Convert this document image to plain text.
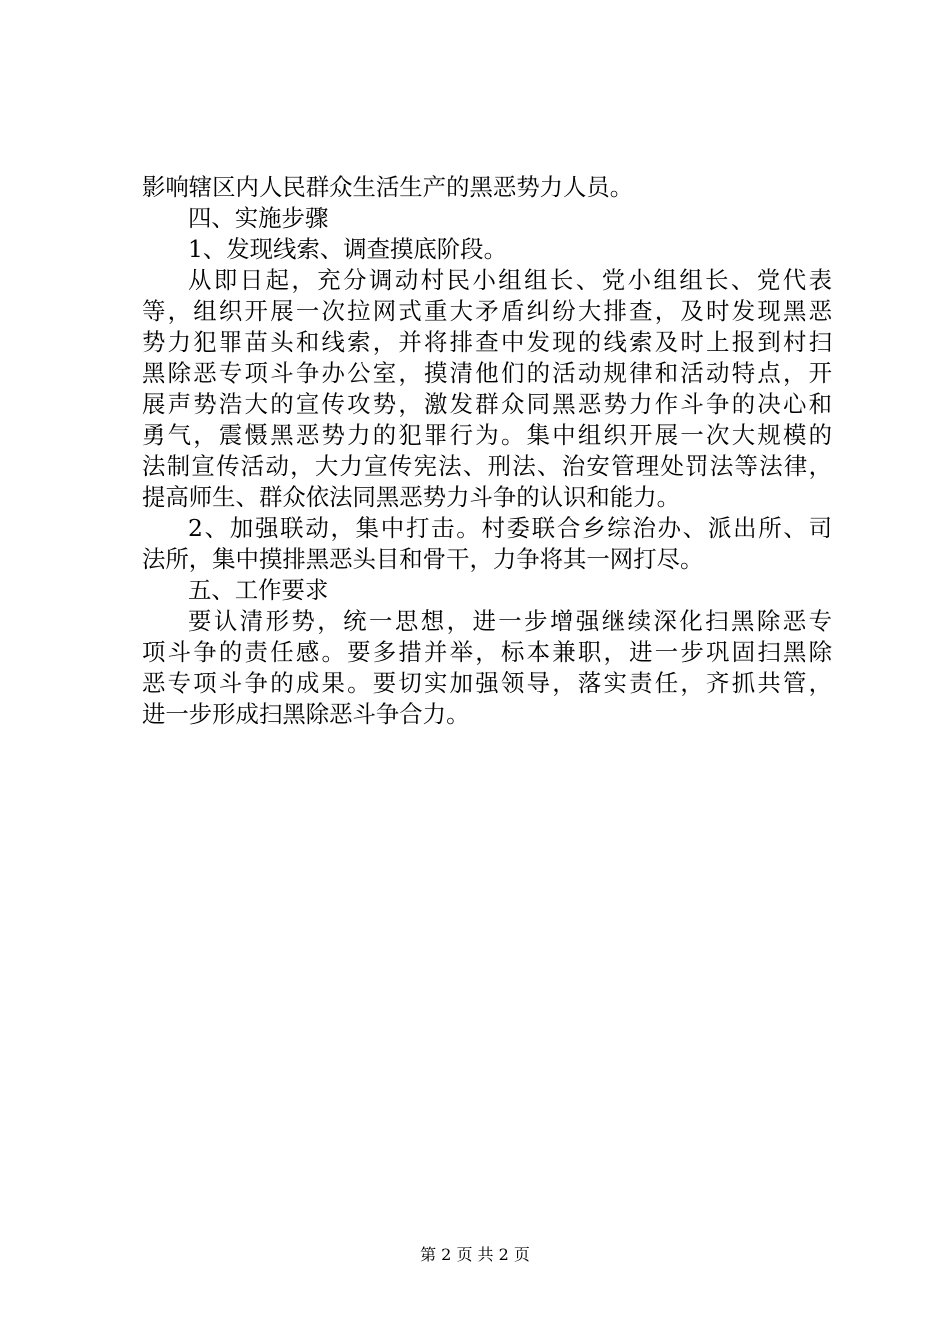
影响辖区内人民群众生活生产的黑恶势力人员。
四、实施步骤
1、发现线索、调查摸底阶段。
从即日起，充分调动村民小组组长、党小组组长、党代表
等，组织开展一次拉网式重大矛盾纠纷大排查，及时发现黑恶
势力犯罪苗头和线索，并将排查中发现的线索及时上报到村扫
黑除恶专项斗争办公室，摸清他们的活动规律和活动特点，开
展声势浩大的宣传攻势，激发群众同黑恶势力作斗争的决心和
勇气，震慑黑恶势力的犯罪行为。集中组织开展一次大规模的
法制宣传活动，大力宣传宪法、刑法、治安管理处罚法等法律，
提高师生、群众依法同黑恶势力斗争的认识和能力。
2、加强联动，集中打击。村委联合乡综治办、派出所、司
法所，集中摸排黑恶头目和骨干，力争将其一网打尽。
五、工作要求
要认清形势，统一思想，进一步增强继续深化扫黑除恶专
项斗争的责任感。要多措并举，标本兼职，进一步巩固扫黑除
恶专项斗争的成果。要切实加强领导，落实责任，齐抓共管，
进一步形成扫黑除恶斗争合力。
第 2 页 共 2 页
